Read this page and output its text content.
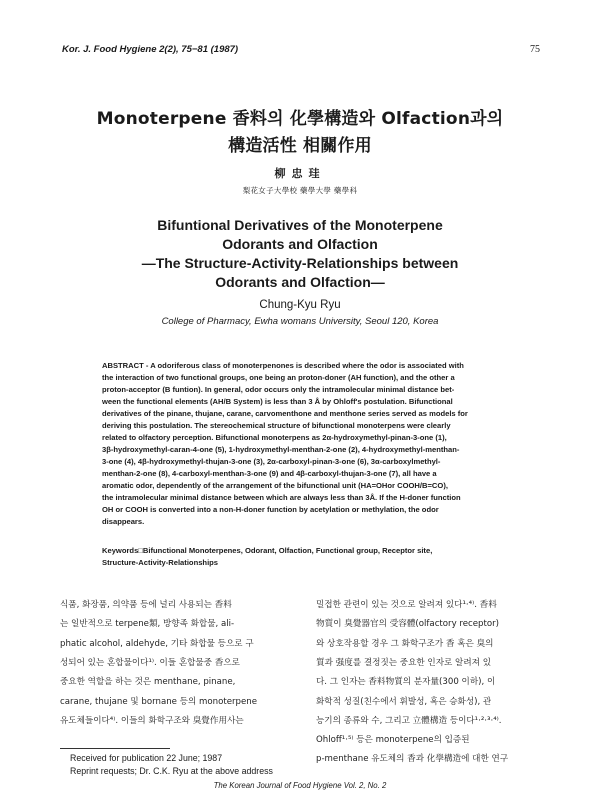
Kor. J. Food Hygiene 2(2), 75−81 (1987)	75
Monoterpene 香料의 化學構造와 Olfaction과의
構造活性 相關作用
柳忠珪
梨花女子大學校 藥學大學 藥學科
Bifuntional Derivatives of the Monoterpene
Odorants and Olfaction
—The Structure-Activity-Relationships between
Odorants and Olfaction—
Chung-Kyu Ryu
College of Pharmacy, Ewha womans University, Seoul 120, Korea
ABSTRACT - A odoriferous class of monoterpenones is described where the odor is associated with
the interaction of two functional groups, one being an proton-doner (AH function), and the other a
proton-acceptor (B funtion). In general, odor occurs only the intramolecular minimal distance bet-
ween the functional elements (AH/B System) is less than 3 Å by Ohloff's postulation. Bifunctional
derivatives of the pinane, thujane, carane, carvomenthone and menthone series served as models for
deriving this postulation. The stereochemical structure of bifunctional monoterpens were clearly
related to olfactory perception. Bifunctional monoterpens as 2α-hydroxymethyl-pinan-3-one (1),
3β-hydroxymethyl-caran-4-one (5), 1-hydroxymethyl-menthan-2-one (2), 4-hydroxymethyl-menthan-
3-one (4), 4β-hydroxymethyl-thujan-3-one (3), 2α-carboxyl-pinan-3-one (6), 3α-carboxylmethyl-
menthan-2-one (8), 4-carboxyl-menthan-3-one (9) and 4β-carboxyl-thujan-3-one (7), all have a
aromatic odor, dependently of the arrangement of the bifunctional unit (HA=OHor COOH/B=CO),
the intramolecular minimal distance between which are always less than 3Å. If the H-doner function
OH or COOH is converted into a non-H-doner function by acetylation or methylation, the odor
disappears.
Keywords□Bifunctional Monoterpenes, Odorant, Olfaction, Functional group, Receptor site,
Structure-Activity-Relationships
식품, 화장품, 의약품 등에 널리 사용되는 香料
는 일반적으로 terpene類, 방향족 화합물, ali-
phatic alcohol, aldehyde, 기타 화합물 등으로 구
성되어 있는 혼합물이다¹⁾. 이들 혼합물중 香으로
중요한 역할을 하는 것은 menthane, pinane,
carane, thujane 및 bornane 등의 monoterpene
유도체들이다⁴⁾. 이들의 화학구조와 臭覺作用사는
밀접한 관련이 있는 것으로 알려져 있다¹·⁴⁾. 香料
物質이 臭覺器官의 受容體(olfactory receptor)
와 상호작용할 경우 그 화학구조가 香 혹은 臭의
質과 强度를 결정짓는 중요한 인자로 알려져 있
다. 그 인자는 香料物質의 분자量(300 이하), 이
화학적 성질(친수에서 휘발성, 혹은 승화성), 관
능기의 종류와 수, 그리고 立體構造 등이다¹·²·³·⁴⁾.
Ohloff¹·⁵⁾ 등은 monoterpene의 입증된
p-menthane 유도체의 香과 化學構造에 대한 연구
Received for publication 22 June; 1987
Reprint requests; Dr. C.K. Ryu at the above address
The Korean Journal of Food Hygiene Vol. 2, No. 2
